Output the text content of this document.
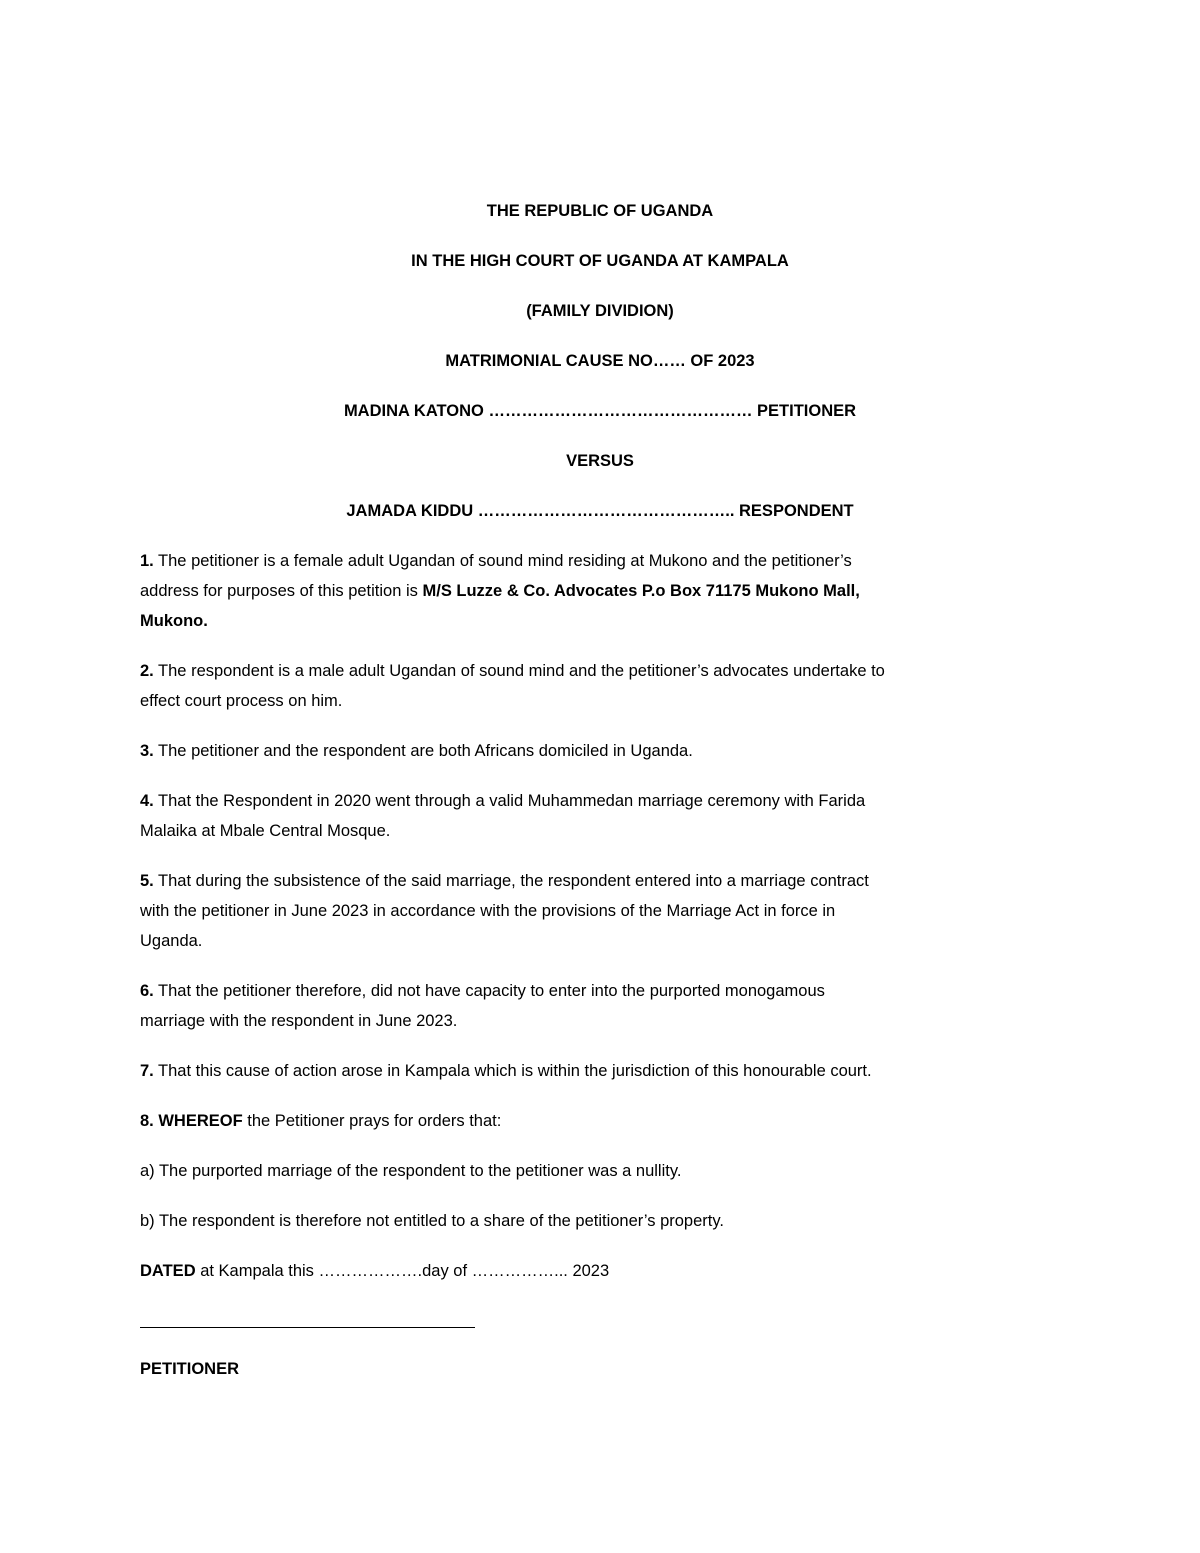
THE REPUBLIC OF UGANDA
IN THE HIGH COURT OF UGANDA AT KAMPALA
(FAMILY DIVIDION)
MATRIMONIAL CAUSE NO…… OF 2023
MADINA KATONO ………………………………………… PETITIONER
VERSUS
JAMADA KIDDU ……………………………………….. RESPONDENT
1. The petitioner is a female adult Ugandan of sound mind residing at Mukono and the petitioner’s
address for purposes of this petition is M/S Luzze & Co. Advocates P.o Box 71175 Mukono Mall,
Mukono.
2. The respondent is a male adult Ugandan of sound mind and the petitioner’s advocates undertake to
effect court process on him.
3. The petitioner and the respondent are both Africans domiciled in Uganda.
4. That the Respondent in 2020 went through a valid Muhammedan marriage ceremony with Farida
Malaika at Mbale Central Mosque.
5. That during the subsistence of the said marriage, the respondent entered into a marriage contract
with the petitioner in June 2023 in accordance with the provisions of the Marriage Act in force in
Uganda.
6. That the petitioner therefore, did not have capacity to enter into the purported monogamous
marriage with the respondent in June 2023.
7. That this cause of action arose in Kampala which is within the jurisdiction of this honourable court.
8. WHEREOF the Petitioner prays for orders that:
a) The purported marriage of the respondent to the petitioner was a nullity.
b) The respondent is therefore not entitled to a share of the petitioner’s property.
DATED at Kampala this ……………….day of ……………... 2023
PETITIONER
